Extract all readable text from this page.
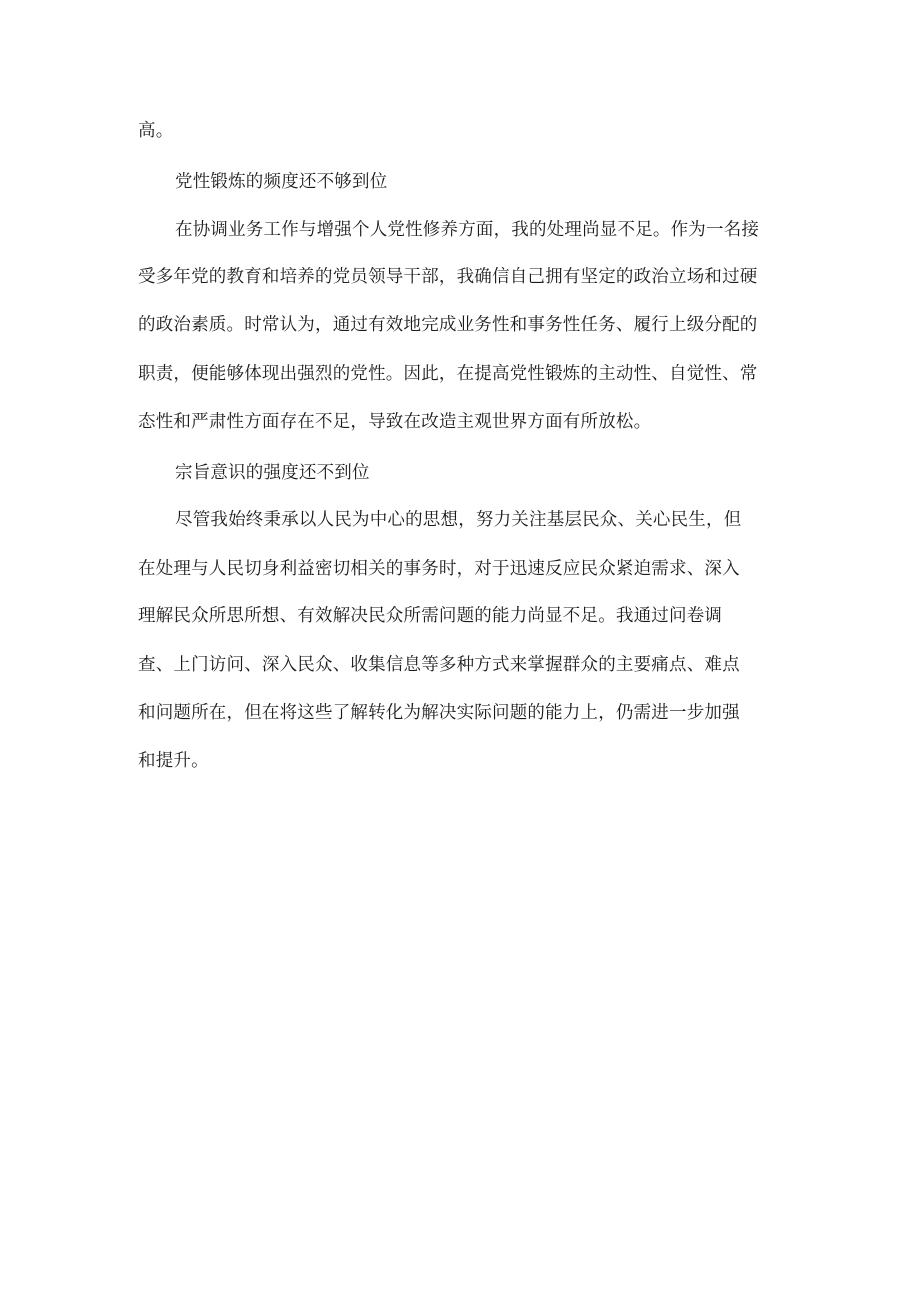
高。
党性锻炼的频度还不够到位
在协调业务工作与增强个人党性修养方面，我的处理尚显不足。作为一名接
受多年党的教育和培养的党员领导干部，我确信自己拥有坚定的政治立场和过硬
的政治素质。时常认为，通过有效地完成业务性和事务性任务、履行上级分配的
职责，便能够体现出强烈的党性。因此，在提高党性锻炼的主动性、自觉性、常
态性和严肃性方面存在不足，导致在改造主观世界方面有所放松。
宗旨意识的强度还不到位
尽管我始终秉承以人民为中心的思想，努力关注基层民众、关心民生，但
在处理与人民切身利益密切相关的事务时，对于迅速反应民众紧迫需求、深入
理解民众所思所想、有效解决民众所需问题的能力尚显不足。我通过问卷调
查、上门访问、深入民众、收集信息等多种方式来掌握群众的主要痛点、难点
和问题所在，但在将这些了解转化为解决实际问题的能力上，仍需进一步加强
和提升。
